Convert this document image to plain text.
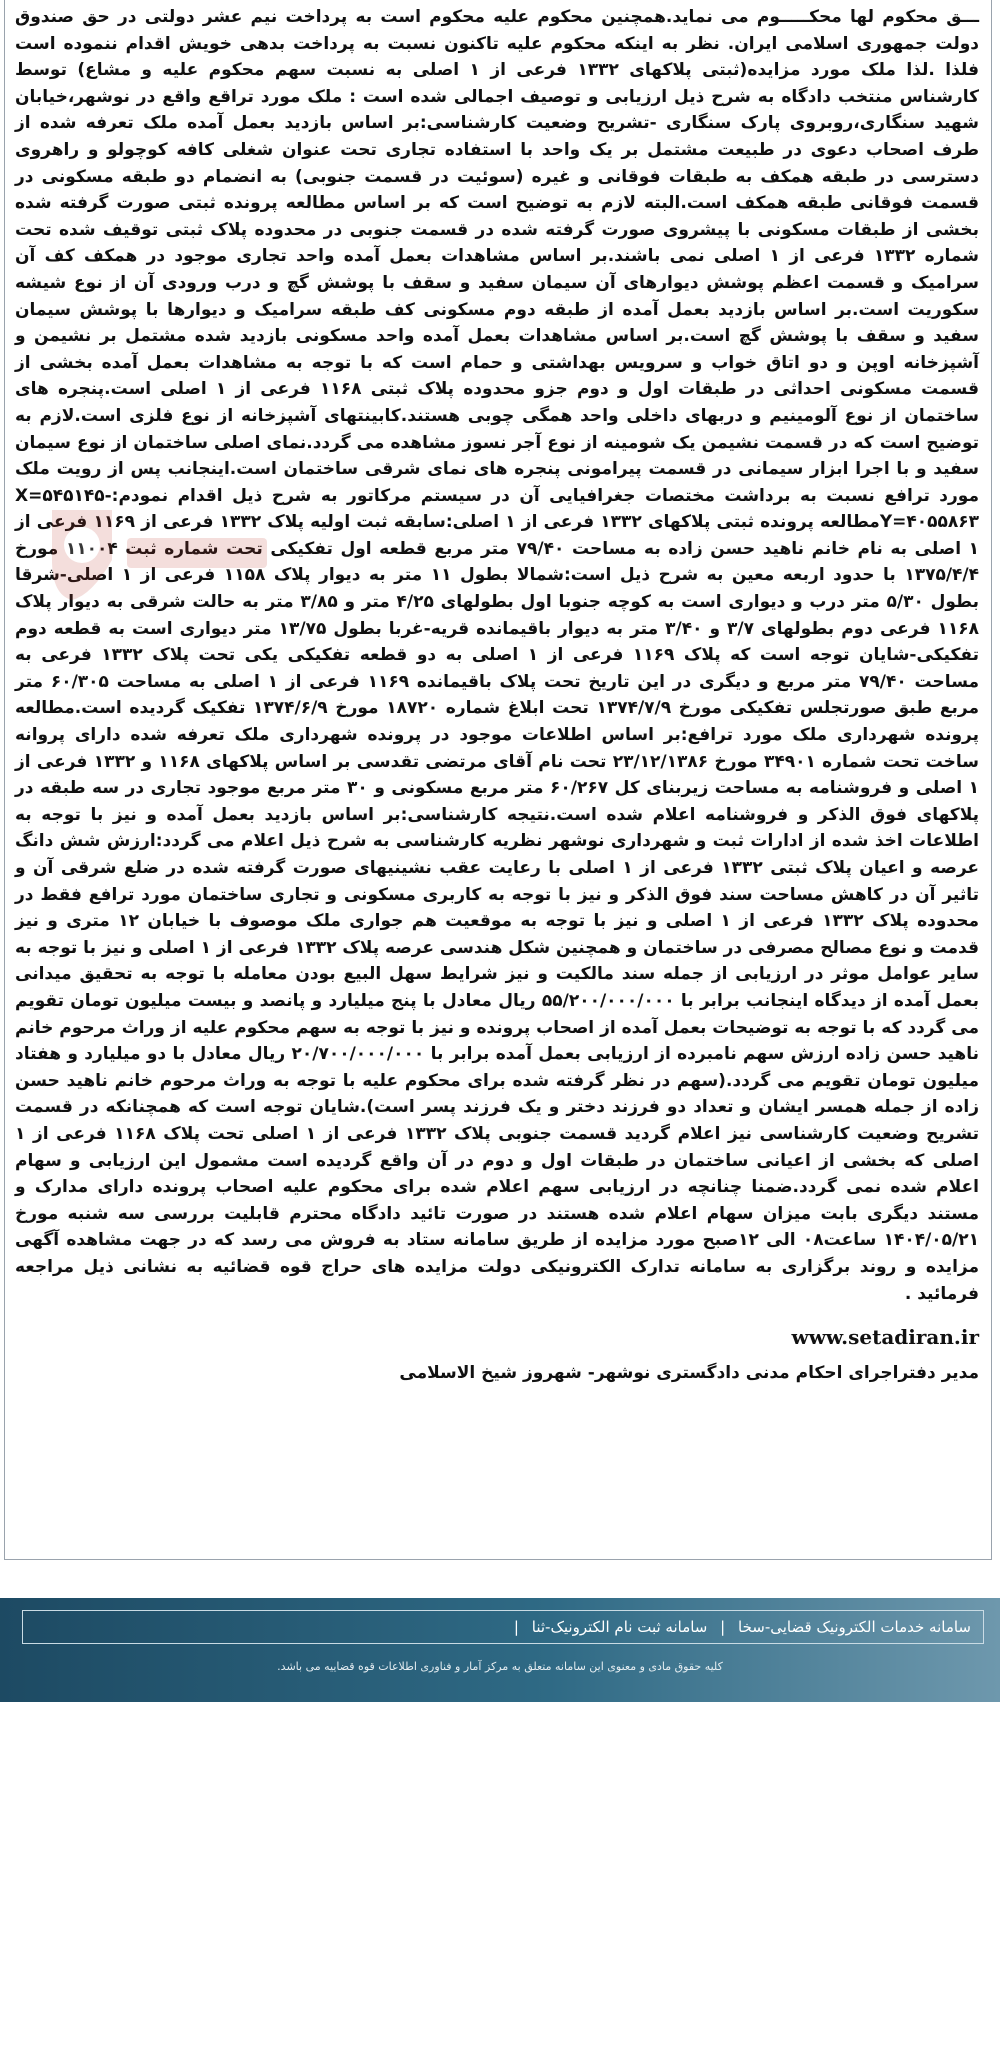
ـــق محکوم لها محکـــــوم می نماید.همچنین محکوم علیه محکوم است به پرداخت نیم عشر دولتی در حق صندوق دولت جمهوری اسلامی ایران. نظر به اینکه محکوم علیه تاکنون نسبت به پرداخت بدهی خویش اقدام ننموده است فلذا .لذا ملک مورد مزایده(ثبتی پلاکهای ۱۳۳۲ فرعی از ۱ اصلی به نسبت سهم محکوم علیه و مشاع) توسط کارشناس منتخب دادگاه به شرح ذیل ارزیابی و توصیف اجمالی شده است : ملک مورد تراقع واقع در نوشهر،خیابان شهید سنگاری،روبروی پارک سنگاری -تشریح وضعیت کارشناسی:بر اساس بازدید بعمل آمده ملک تعرفه شده از طرف اصحاب دعوی در طبیعت مشتمل بر یک واحد با استفاده تجاری تحت عنوان شغلی کافه کوچولو و راهروی دسترسی در طبقه همکف به طبقات فوقانی و غیره (سوئیت در قسمت جنوبی) به انضمام دو طبقه مسکونی در قسمت فوقانی طبقه همکف است.البته لازم به توضیح است که بر اساس مطالعه پرونده ثبتی صورت گرفته شده بخشی از طبقات مسکونی با پیشروی صورت گرفته شده در قسمت جنوبی در محدوده پلاک ثبتی توقیف شده تحت شماره ۱۳۳۲ فرعی از ۱ اصلی نمی باشند.بر اساس مشاهدات بعمل آمده واحد تجاری موجود در همکف کف آن سرامیک و قسمت اعظم پوشش دیوارهای آن سیمان سفید و سقف با پوشش گچ و درب ورودی آن از نوع شیشه سکوریت است.بر اساس بازدید بعمل آمده از طبقه دوم مسکونی کف طبقه سرامیک و دیوارها با پوشش سیمان سفید و سقف با پوشش گچ است.بر اساس مشاهدات بعمل آمده واحد مسکونی بازدید شده مشتمل بر نشیمن و آشپزخانه اوپن و دو اتاق خواب و سرویس بهداشتی و حمام است که با توجه به مشاهدات بعمل آمده بخشی از قسمت مسکونی احداثی در طبقات اول و دوم جزو محدوده پلاک ثبتی ۱۱۶۸ فرعی از ۱ اصلی است.پنجره های ساختمان از نوع آلومینیم و دربهای داخلی واحد همگی چوبی هستند.کابینتهای آشپزخانه از نوع فلزی است.لازم به توضیح است که در قسمت نشیمن یک شومینه از نوع آجر نسوز مشاهده می گردد.نمای اصلی ساختمان از نوع سیمان سفید و با اجرا ابزار سیمانی در قسمت پیرامونی پنجره های نمای شرقی ساختمان است.اینجانب پس از رویت ملک مورد ترافع نسبت به برداشت مختصات جغرافیایی آن در سیستم مرکاتور به شرح ذیل اقدام نمودم:X=۵۴۵۱۴۵-Y=۴۰۵۵۸۶۳مطالعه پرونده ثبتی پلاکهای ۱۳۳۲ فرعی از ۱ اصلی:سابقه ثبت اولیه پلاک ۱۳۳۲ فرعی از ۱۱۶۹ فرعی از ۱ اصلی به نام خانم ناهید حسن زاده به مساحت ۷۹/۴۰ متر مربع قطعه اول تفکیکی تحت شماره ثبت ۱۱۰۰۴ مورخ ۱۳۷۵/۴/۴ با حدود اربعه معین به شرح ذیل است:شمالا بطول ۱۱ متر به دیوار پلاک ۱۱۵۸ فرعی از ۱ اصلی-شرقا بطول ۵/۳۰ متر درب و دیواری است به کوچه جنوبا اول بطولهای ۴/۲۵ متر و ۳/۸۵ متر به حالت شرقی به دیوار پلاک ۱۱۶۸ فرعی دوم بطولهای ۳/۷ و ۳/۴۰ متر به دیوار باقیمانده قریه-غربا بطول ۱۳/۷۵ متر دیواری است به قطعه دوم تفکیکی-شایان توجه است که پلاک ۱۱۶۹ فرعی از ۱ اصلی به دو قطعه تفکیکی یکی تحت پلاک ۱۳۳۲ فرعی به مساحت ۷۹/۴۰ متر مربع و دیگری در این تاریخ تحت پلاک باقیمانده ۱۱۶۹ فرعی از ۱ اصلی به مساحت ۶۰/۳۰۵ متر مربع طبق صورتجلس تفکیکی مورخ ۱۳۷۴/۷/۹ تحت ابلاغ شماره ۱۸۷۲۰ مورخ ۱۳۷۴/۶/۹ تفکیک گردیده است.مطالعه پرونده شهرداری ملک مورد ترافع:بر اساس اطلاعات موجود در پرونده شهرداری ملک تعرفه شده دارای پروانه ساخت تحت شماره ۳۴۹۰۱ مورخ ۲۳/۱۲/۱۳۸۶ تحت نام آقای مرتضی تقدسی بر اساس پلاکهای ۱۱۶۸ و ۱۳۳۲ فرعی از ۱ اصلی و فروشنامه به مساحت زیربنای کل ۶۰/۲۶۷ متر مربع مسکونی و ۳۰ متر مربع موجود تجاری در سه طبقه در پلاکهای فوق الذکر و فروشنامه اعلام شده است.نتیجه کارشناسی:بر اساس بازدید بعمل آمده و نیز با توجه به اطلاعات اخذ شده از ادارات ثبت و شهرداری نوشهر نظریه کارشناسی به شرح ذیل اعلام می گردد:ارزش شش دانگ عرصه و اعیان پلاک ثبتی ۱۳۳۲ فرعی از ۱ اصلی با رعایت عقب نشینیهای صورت گرفته شده در ضلع شرقی آن و تاثیر آن در کاهش مساحت سند فوق الذکر و نیز با توجه به کاربری مسکونی و تجاری ساختمان مورد ترافع فقط در محدوده پلاک ۱۳۳۲ فرعی از ۱ اصلی و نیز با توجه به موقعیت هم جواری ملک موصوف با خیابان ۱۲ متری و نیز قدمت و نوع مصالح مصرفی در ساختمان و همچنین شکل هندسی عرصه پلاک ۱۳۳۲ فرعی از ۱ اصلی و نیز با توجه به سایر عوامل موثر در ارزیابی از جمله سند مالکیت و نیز شرایط سهل البیع بودن معامله با توجه به تحقیق میدانی بعمل آمده از دیدگاه اینجانب برابر با ۵۵/۲۰۰/۰۰۰/۰۰۰ ریال معادل با پنج میلیارد و پانصد و بیست میلیون تومان تقویم می گردد که با توجه به توضیحات بعمل آمده از اصحاب پرونده و نیز با توجه به سهم محکوم علیه از وراث مرحوم خانم ناهید حسن زاده ارزش سهم نامبرده از ارزیابی بعمل آمده برابر با ۲۰/۷۰۰/۰۰۰/۰۰۰ ریال معادل با دو میلیارد و هفتاد میلیون تومان تقویم می گردد.(سهم در نظر گرفته شده برای محکوم علیه با توجه به وراث مرحوم خانم ناهید حسن زاده از جمله همسر ایشان و تعداد دو فرزند دختر و یک فرزند پسر است).شایان توجه است که همچنانکه در قسمت تشریح وضعیت کارشناسی نیز اعلام گردید قسمت جنوبی پلاک ۱۳۳۲ فرعی از ۱ اصلی تحت پلاک ۱۱۶۸ فرعی از ۱ اصلی که بخشی از اعیانی ساختمان در طبقات اول و دوم در آن واقع گردیده است مشمول این ارزیابی و سهام اعلام شده نمی گردد.ضمنا چنانچه در ارزیابی سهم اعلام شده برای محکوم علیه اصحاب پرونده دارای مدارک و مستند دیگری بابت میزان سهام اعلام شده هستند در صورت تائید دادگاه محترم قابلیت بررسی سه شنبه مورخ ۱۴۰۴/۰۵/۲۱ ساعت۰۸ الی ۱۲صبح مورد مزایده از طریق سامانه ستاد به فروش می رسد که در جهت مشاهده آگهی مزایده و روند برگزاری به سامانه تدارک الکترونیکی دولت مزایده های حراج قوه قضائیه به نشانی ذیل مراجعه فرمائید .

www.setadiran.ir

مدیر دفتراجرای احکام مدنی دادگستری نوشهر- شهروز شیخ الاسلامی

سامانه خدمات الکترونیک قضایی-سخا | سامانه ثبت نام الکترونیک-ثنا |
کلیه حقوق مادی و معنوی این سامانه متعلق به مرکز آمار و فناوری اطلاعات قوه قضاییه می باشد.
